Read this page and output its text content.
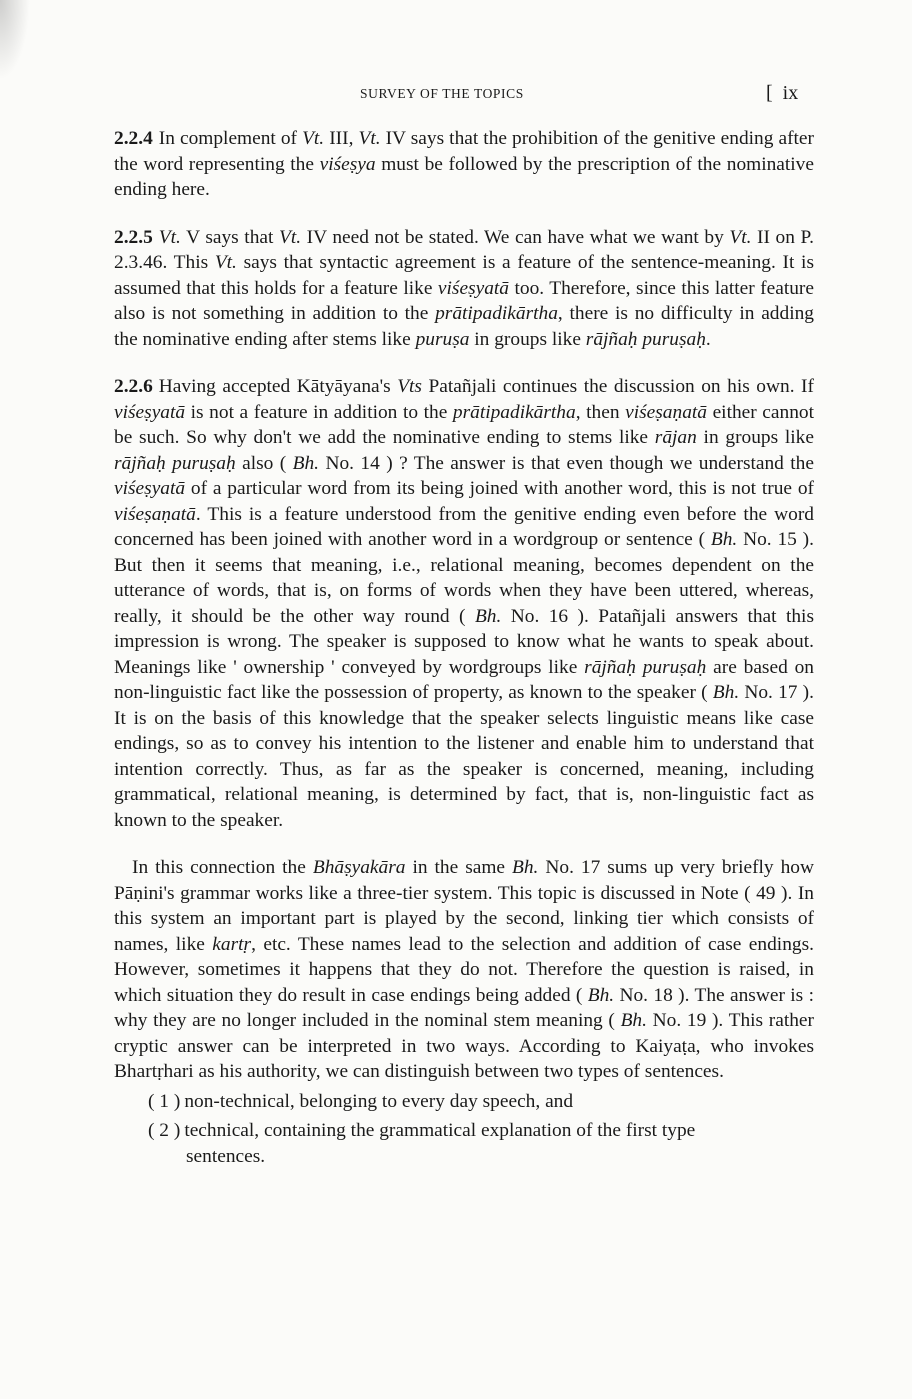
SURVEY OF THE TOPICS	[ ix

2.2.4 In complement of Vt. III, Vt. IV says that the prohibition of the genitive ending after the word representing the viśeṣya must be followed by the prescription of the nominative ending here.

2.2.5 Vt. V says that Vt. IV need not be stated. We can have what we want by Vt. II on P. 2.3.46. This Vt. says that syntactic agreement is a feature of the sentence-meaning. It is assumed that this holds for a feature like viśeṣyatā too. Therefore, since this latter feature also is not something in addition to the prātipadikārtha, there is no difficulty in adding the nominative ending after stems like puruṣa in groups like rājñaḥ puruṣaḥ.

2.2.6 Having accepted Kātyāyana's Vts Patañjali continues the discussion on his own. If viśeṣyatā is not a feature in addition to the prātipadikārtha, then viśeṣaṇatā either cannot be such. So why don't we add the nominative ending to stems like rājan in groups like rājñaḥ puruṣaḥ also ( Bh. No. 14 ) ? The answer is that even though we understand the viśeṣyatā of a particular word from its being joined with another word, this is not true of viśeṣaṇatā. This is a feature understood from the genitive ending even before the word concerned has been joined with another word in a wordgroup or sentence ( Bh. No. 15 ). But then it seems that meaning, i.e., relational meaning, becomes dependent on the utterance of words, that is, on forms of words when they have been uttered, whereas, really, it should be the other way round ( Bh. No. 16 ). Patañjali answers that this impression is wrong. The speaker is supposed to know what he wants to speak about. Meanings like ' ownership ' conveyed by wordgroups like rājñaḥ puruṣaḥ are based on non-linguistic fact like the possession of property, as known to the speaker ( Bh. No. 17 ). It is on the basis of this knowledge that the speaker selects linguistic means like case endings, so as to convey his intention to the listener and enable him to understand that intention correctly. Thus, as far as the speaker is concerned, meaning, including grammatical, relational meaning, is determined by fact, that is, non-linguistic fact as known to the speaker.

In this connection the Bhāṣyakāra in the same Bh. No. 17 sums up very briefly how Pāṇini's grammar works like a three-tier system. This topic is discussed in Note ( 49 ). In this system an important part is played by the second, linking tier which consists of names, like kartṛ, etc. These names lead to the selection and addition of case endings. However, sometimes it happens that they do not. Therefore the question is raised, in which situation they do result in case endings being added ( Bh. No. 18 ). The answer is : why they are no longer included in the nominal stem meaning ( Bh. No. 19 ). This rather cryptic answer can be interpreted in two ways. According to Kaiyaṭa, who invokes Bhartṛhari as his authority, we can distinguish between two types of sentences.

( 1 ) non-technical, belonging to every day speech, and
( 2 ) technical, containing the grammatical explanation of the first type
sentences.
